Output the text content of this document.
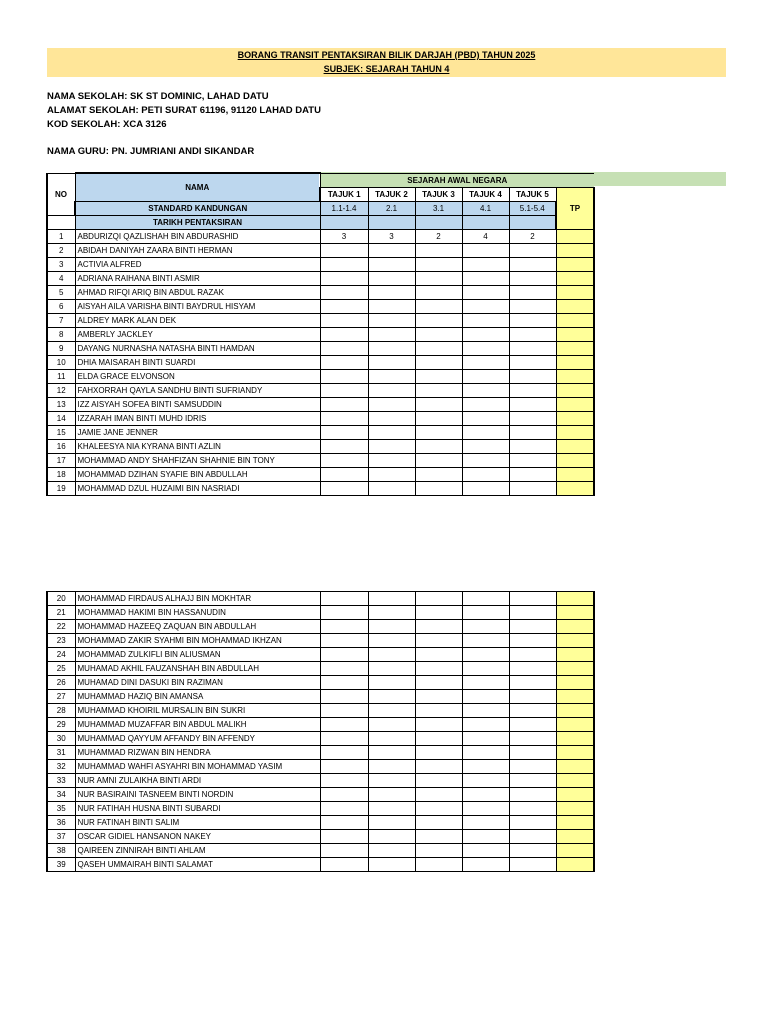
BORANG TRANSIT PENTAKSIRAN BILIK DARJAH (PBD) TAHUN 2025
SUBJEK: SEJARAH TAHUN 4
NAMA SEKOLAH: SK ST DOMINIC, LAHAD DATU
ALAMAT SEKOLAH: PETI SURAT 61196, 91120 LAHAD DATU
KOD SEKOLAH: XCA 3126
NAMA GURU: PN. JUMRIANI ANDI SIKANDAR
NO	NAMA	SEJARAH AWAL NEGARA					
		TAJUK 1	TAJUK 2	TAJUK 3	TAJUK 4	TAJUK 5	TP
	STANDARD KANDUNGAN	1.1-1.4	2.1	3.1	4.1	5.1-5.4	
	TARIKH PENTAKSIRAN						
1	ABDURIZQI QAZLISHAH BIN ABDURASHID	3	3	2	4	2	
2	ABIDAH DANIYAH ZAARA BINTI HERMAN						
3	ACTIVIA ALFRED						
4	ADRIANA RAIHANA BINTI ASMIR						
5	AHMAD RIFQI ARIQ BIN ABDUL RAZAK						
6	AISYAH AILA VARISHA BINTI BAYDRUL HISYAM						
7	ALDREY MARK ALAN DEK						
8	AMBERLY JACKLEY						
9	DAYANG NURNASHA NATASHA BINTI HAMDAN						
10	DHIA MAISARAH BINTI SUARDI						
11	ELDA GRACE ELVONSON						
12	FAHXORRAH QAYLA SANDHU BINTI SUFRIANDY						
13	IZZ AISYAH SOFEA BINTI SAMSUDDIN						
14	IZZARAH IMAN BINTI MUHD IDRIS						
15	JAMIE JANE JENNER						
16	KHALEESYA NIA KYRANA BINTI AZLIN						
17	MOHAMMAD ANDY SHAHFIZAN SHAHNIE BIN TONY						
18	MOHAMMAD DZIHAN SYAFIE BIN ABDULLAH						
19	MOHAMMAD DZUL HUZAIMI BIN NASRIADI						
20	MOHAMMAD FIRDAUS ALHAJJ BIN MOKHTAR						
21	MOHAMMAD HAKIMI BIN HASSANUDIN						
22	MOHAMMAD HAZEEQ ZAQUAN BIN ABDULLAH						
23	MOHAMMAD ZAKIR SYAHMI BIN MOHAMMAD IKHZAN						
24	MOHAMMAD ZULKIFLI BIN ALIUSMAN						
25	MUHAMAD AKHIL FAUZANSHAH BIN ABDULLAH						
26	MUHAMAD DINI DASUKI BIN RAZIMAN						
27	MUHAMMAD HAZIQ BIN AMANSA						
28	MUHAMMAD KHOIRIL MURSALIN BIN SUKRI						
29	MUHAMMAD MUZAFFAR BIN ABDUL MALIKH						
30	MUHAMMAD QAYYUM AFFANDY BIN AFFENDY						
31	MUHAMMAD RIZWAN BIN HENDRA						
32	MUHAMMAD WAHFI ASYAHRI BIN MOHAMMAD YASIM						
33	NUR AMNI ZULAIKHA BINTI ARDI						
34	NUR BASIRAINI TASNEEM BINTI NORDIN						
35	NUR FATIHAH HUSNA BINTI SUBARDI						
36	NUR FATINAH BINTI SALIM						
37	OSCAR GIDIEL HANSANON NAKEY						
38	QAIREEN ZINNIRAH BINTI AHLAM						
39	QASEH UMMAIRAH BINTI SALAMAT						
